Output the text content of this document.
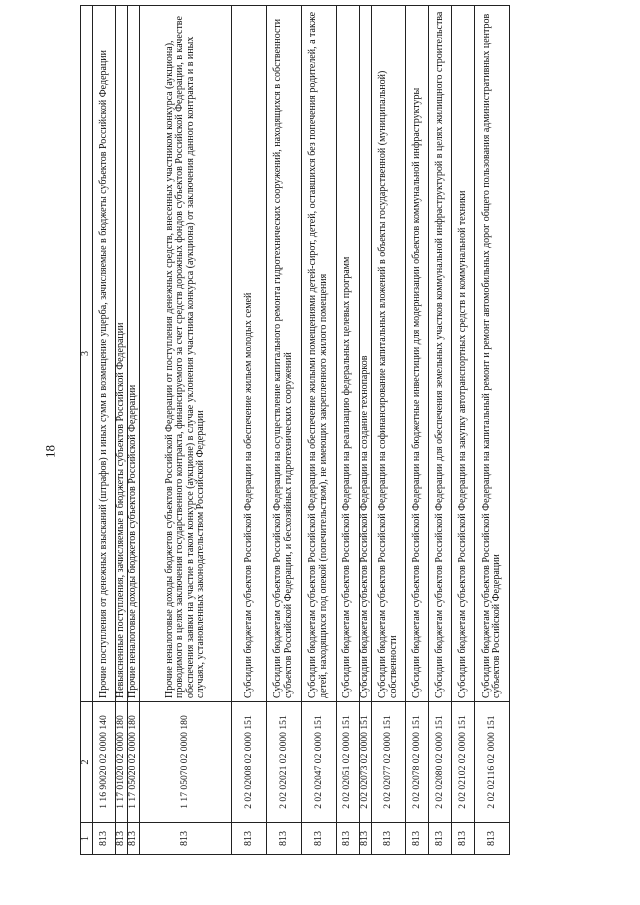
18
1	2	3
813	1 16 90020 02 0000 140	Прочие поступления от денежных взысканий (штрафов) и иных сумм в возмещение ущерба, зачисляемые в бюджеты субъектов Российской Федерации
813	1 17 01020 02 0000 180	Невыясненные поступления, зачисляемые в бюджеты субъектов Российской Федерации
813	1 17 05020 02 0000 180	Прочие неналоговые доходы бюджетов субъектов Российской Федерации
813	1 17 05070 02 0000 180	Прочие неналоговые доходы бюджетов субъектов Российской Федерации от поступления денежных средств, внесенных участником конкурса (аукциона), проводимого в целях заключения государственного контракта, финансируемого за счет средств дорожных фондов субъектов Российской Федерации, в качестве обеспечения заявки на участие в таком конкурсе (аукционе) в случае уклонения участника конкурса (аукциона) от заключения данного контракта и в иных случаях, установленных законодательством Российской Федерации
813	2 02 02008 02 0000 151	Субсидии бюджетам субъектов Российской Федерации на обеспечение жильем молодых семей
813	2 02 02021 02 0000 151	Субсидии бюджетам субъектов Российской Федерации на осуществление капитального ремонта гидротехнических сооружений, находящихся в собственности субъектов Российской Федерации, и бесхозяйных гидротехнических сооружений
813	2 02 02047 02 0000 151	Субсидии бюджетам субъектов Российской Федерации на обеспечение жилыми помещениями детей-сирот, детей, оставшихся без попечения родителей, а также детей, находящихся под опекой (попечительством), не имеющих закрепленного жилого помещения
813	2 02 02051 02 0000 151	Субсидии бюджетам субъектов Российской Федерации на реализацию федеральных целевых программ
813	2 02 02073 02 0000 151	Субсидии бюджетам субъектов Российской Федерации на создание технопарков
813	2 02 02077 02 0000 151	Субсидии бюджетам субъектов Российской Федерации на софинансирование капитальных вложений в объекты государственной (муниципальной) собственности
813	2 02 02078 02 0000 151	Субсидии бюджетам субъектов Российской Федерации на бюджетные инвестиции для модернизации объектов коммунальной инфраструктуры
813	2 02 02080 02 0000 151	Субсидии бюджетам субъектов Российской Федерации для обеспечения земельных участков коммунальной инфраструктурой в целях жилищного строительства
813	2 02 02102 02 0000 151	Субсидии бюджетам субъектов Российской Федерации на закупку автотранспортных средств и коммунальной техники
813	2 02 02116 02 0000 151	Субсидии бюджетам субъектов Российской Федерации на капитальный ремонт и ремонт автомобильных дорог общего пользования административных центров субъектов Российской Федерации
